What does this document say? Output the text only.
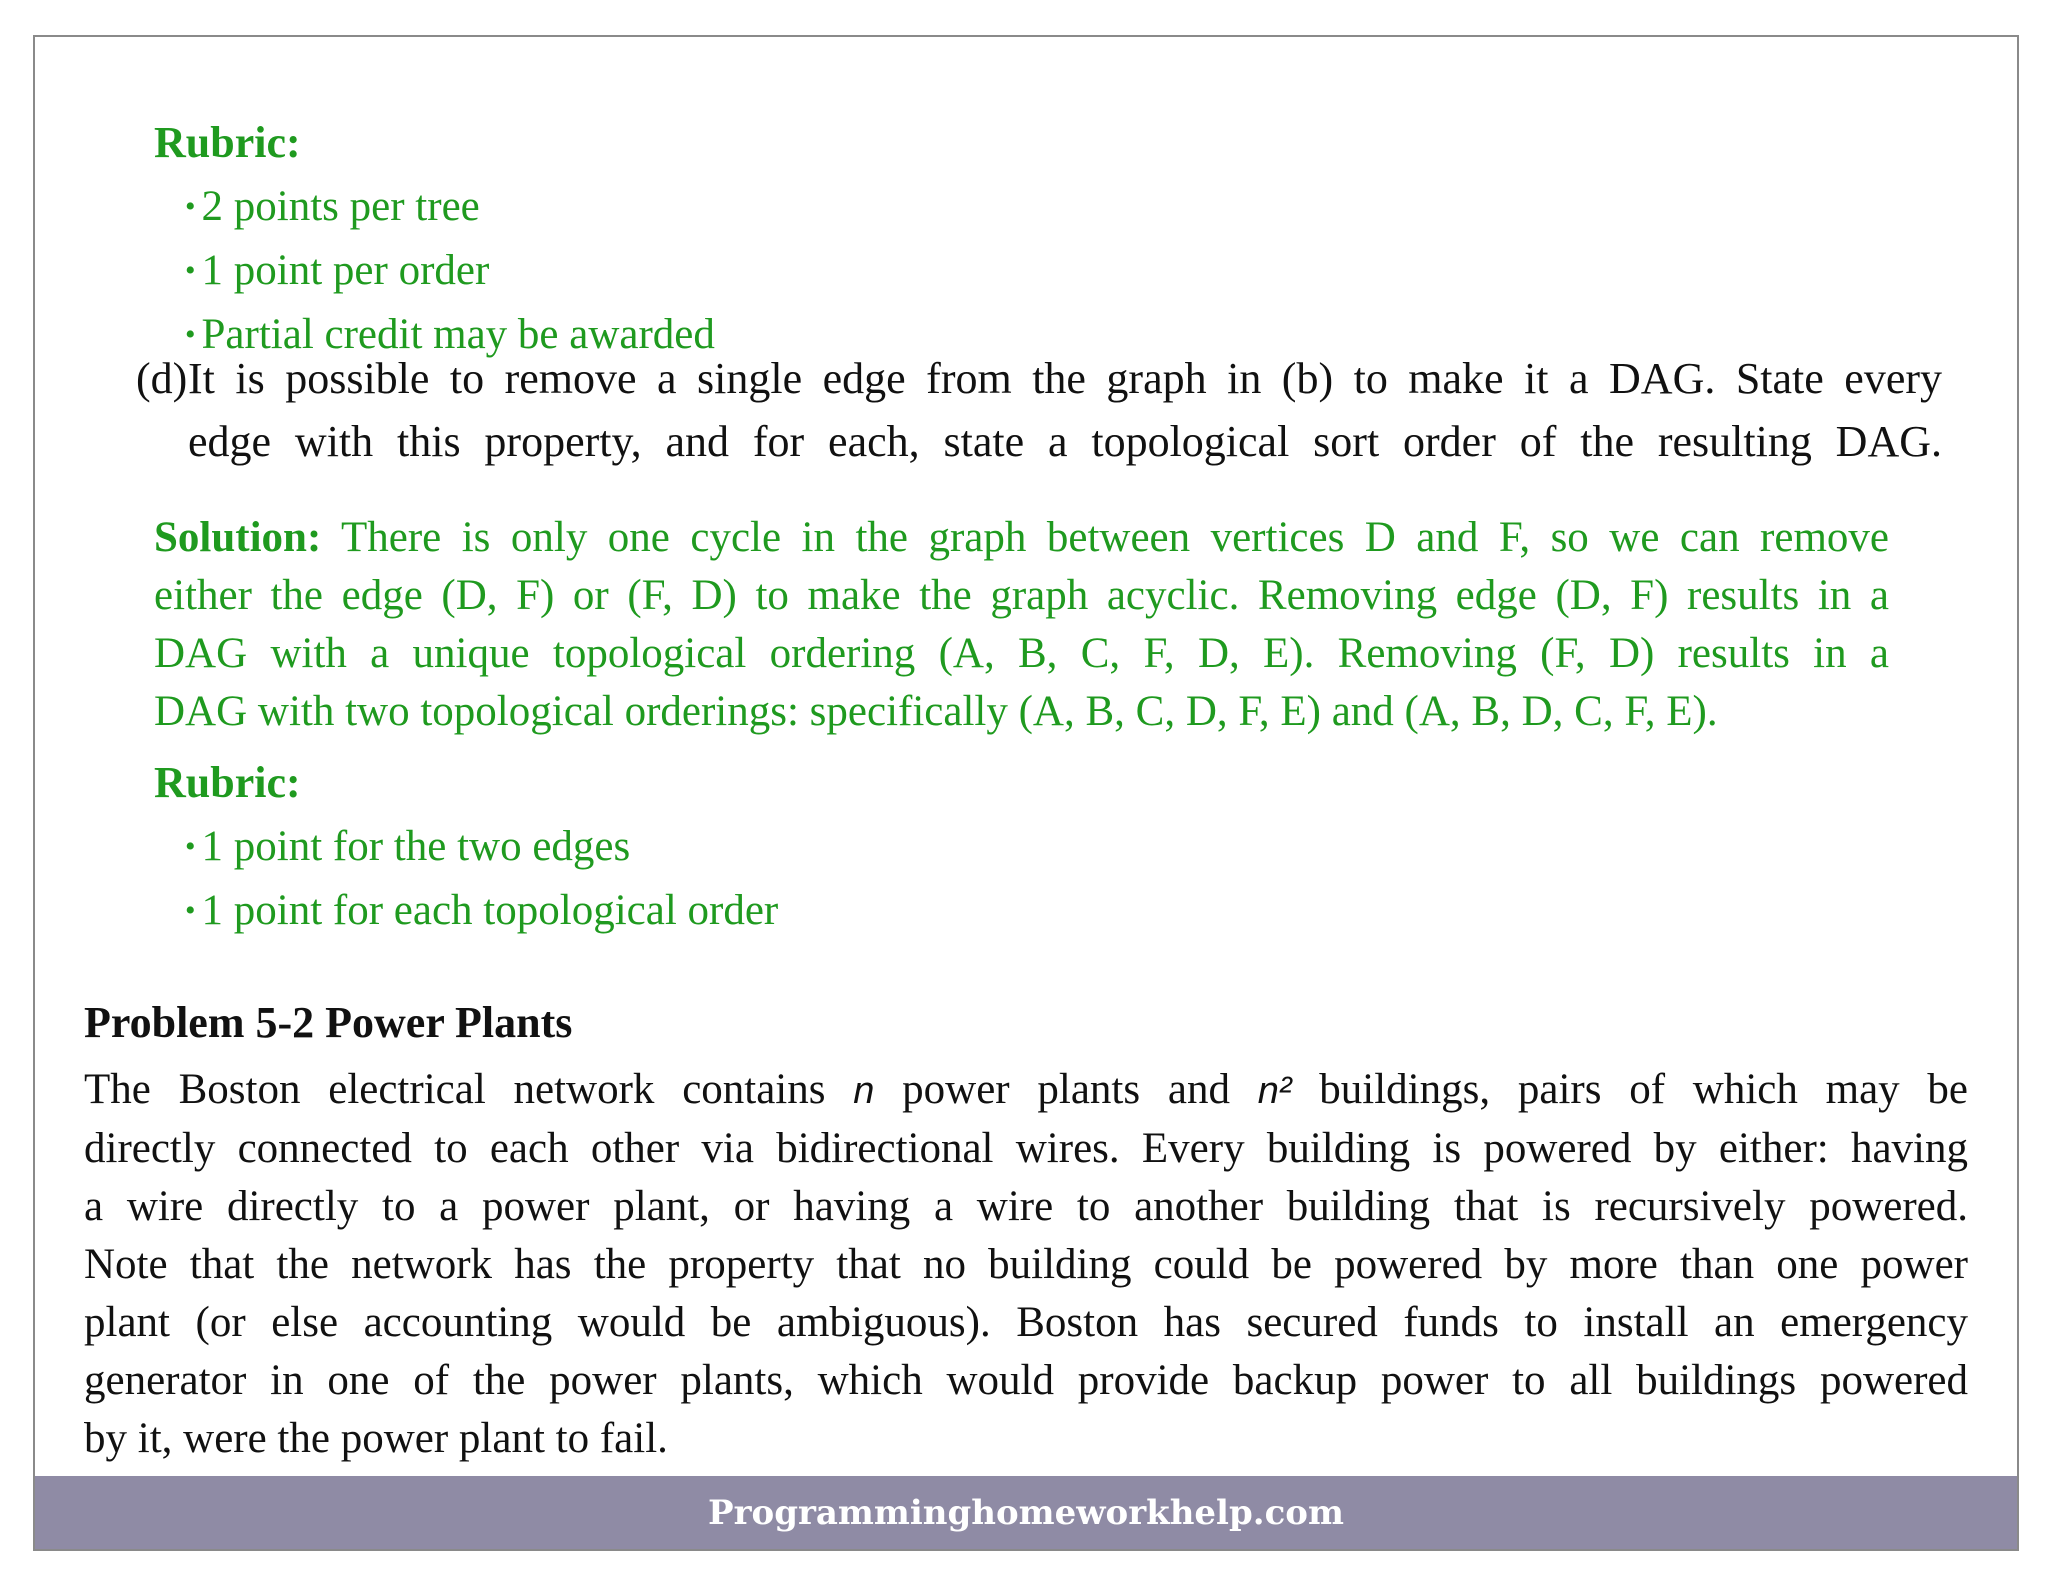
Rubric:
• 2 points per tree
• 1 point per order
• Partial credit may be awarded
(d) It is possible to remove a single edge from the graph in (b) to make it a DAG. State every
edge with this property, and for each, state a topological sort order of the resulting DAG.
Solution: There is only one cycle in the graph between vertices D and F, so we can remove
either the edge (D, F) or (F, D) to make the graph acyclic. Removing edge (D, F) results in a
DAG with a unique topological ordering (A, B, C, F, D, E). Removing (F, D) results in a
DAG with two topological orderings: specifically (A, B, C, D, F, E) and (A, B, D, C, F, E).
Rubric:
• 1 point for the two edges
• 1 point for each topological order
Problem 5-2 Power Plants
The Boston electrical network contains n power plants and n² buildings, pairs of which may be
directly connected to each other via bidirectional wires. Every building is powered by either: having
a wire directly to a power plant, or having a wire to another building that is recursively powered.
Note that the network has the property that no building could be powered by more than one power
plant (or else accounting would be ambiguous). Boston has secured funds to install an emergency
generator in one of the power plants, which would provide backup power to all buildings powered
by it, were the power plant to fail.
Programminghomeworkhelp.com
